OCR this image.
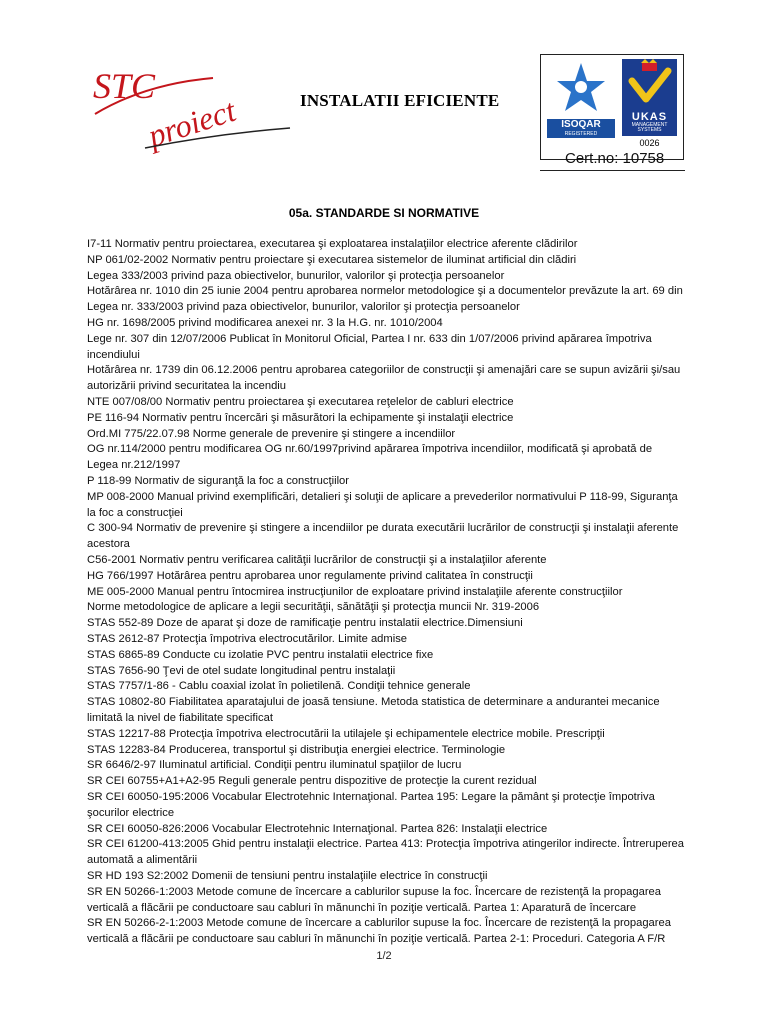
STC
proiect	INSTALATII EFICIENTE
ISOQAR
REGISTERED
UKAS
MANAGEMENT SYSTEMS
0026
Cert.no: 10758
05a. STANDARDE SI NORMATIVE
I7-11 Normativ pentru proiectarea, executarea şi exploatarea instalaţiilor electrice aferente clădirilor
NP 061/02-2002 Normativ pentru proiectare şi executarea sistemelor de iluminat artificial din clădiri
Legea 333/2003 privind paza obiectivelor, bunurilor, valorilor şi protecţia persoanelor
Hotărârea nr. 1010 din 25 iunie 2004 pentru aprobarea normelor metodologice şi a documentelor prevăzute la art. 69 din
Legea nr. 333/2003 privind paza obiectivelor, bunurilor, valorilor şi protecţia persoanelor
HG nr. 1698/2005 privind modificarea anexei nr. 3 la H.G. nr. 1010/2004
Lege nr. 307 din 12/07/2006 Publicat în Monitorul Oficial, Partea I nr. 633 din 1/07/2006 privind apărarea împotriva
incendiului
Hotărârea nr. 1739 din 06.12.2006 pentru aprobarea categoriilor de construcţii şi amenajări care se supun avizării şi/sau
autorizării privind securitatea la incendiu
NTE 007/08/00 Normativ pentru proiectarea şi executarea reţelelor de cabluri electrice
PE 116-94 Normativ pentru încercări şi măsurători la echipamente şi instalaţii electrice
Ord.MI 775/22.07.98 Norme generale de prevenire şi stingere a incendiilor
OG nr.114/2000 pentru modificarea OG nr.60/1997privind apărarea împotriva incendiilor, modificată şi aprobată de
Legea nr.212/1997
P 118-99 Normativ de siguranţă la foc a construcţiilor
MP 008-2000 Manual privind exemplificări, detalieri şi soluţii de aplicare a prevederilor normativului P 118-99, Siguranţa
la foc a construcţiei
C 300-94 Normativ de prevenire şi stingere a incendiilor pe durata executării lucrărilor de construcţii şi instalaţii aferente
acestora
C56-2001 Normativ pentru verificarea calităţii lucrărilor de construcţii şi a instalaţiilor aferente
HG 766/1997 Hotărârea pentru aprobarea unor regulamente privind calitatea în construcţii
ME 005-2000 Manual pentru întocmirea instrucţiunilor de exploatare privind instalaţiile aferente construcţiilor
Norme metodologice de aplicare a legii securităţii, sănătăţii şi protecţia muncii Nr. 319-2006
STAS 552-89 Doze de aparat şi doze de ramificaţie pentru instalatii electrice.Dimensiuni
STAS 2612-87 Protecţia împotriva electrocutărilor. Limite admise
STAS 6865-89 Conducte cu izolatie PVC pentru instalatii electrice fixe
STAS 7656-90 Ţevi de otel sudate longitudinal pentru instalaţii
STAS 7757/1-86 - Cablu coaxial izolat în polietilenă. Condiţii tehnice generale
STAS 10802-80 Fiabilitatea aparatajului de joasă tensiune. Metoda statistica de determinare a andurantei mecanice
limitată la nivel de fiabilitate specificat
STAS 12217-88 Protecţia împotriva electrocutării la utilajele şi echipamentele electrice mobile. Prescripţii
STAS 12283-84 Producerea, transportul şi distribuţia energiei electrice. Terminologie
SR 6646/2-97 Iluminatul artificial. Condiţii pentru iluminatul spaţiilor de lucru
SR CEI 60755+A1+A2-95 Reguli generale pentru dispozitive de protecţie la curent rezidual
SR CEI 60050-195:2006 Vocabular Electrotehnic Internaţional. Partea 195: Legare la pământ şi protecţie împotriva
şocurilor electrice
SR CEI 60050-826:2006 Vocabular Electrotehnic Internaţional. Partea 826: Instalaţii electrice
SR CEI 61200-413:2005 Ghid pentru instalaţii electrice. Partea 413: Protecţia împotriva atingerilor indirecte. Întreruperea
automată a alimentării
SR HD 193 S2:2002 Domenii de tensiuni pentru instalaţiile electrice în construcţii
SR EN 50266-1:2003 Metode comune de încercare a cablurilor supuse la foc. Încercare de rezistenţă la propagarea
verticală a flăcării pe conductoare sau cabluri în mănunchi în poziţie verticală. Partea 1: Aparatură de încercare
SR EN 50266-2-1:2003 Metode comune de încercare a cablurilor supuse la foc. Încercare de rezistenţă la propagarea
verticală a flăcării pe conductoare sau cabluri în mănunchi în poziţie verticală. Partea 2-1: Proceduri. Categoria A F/R
1/2
